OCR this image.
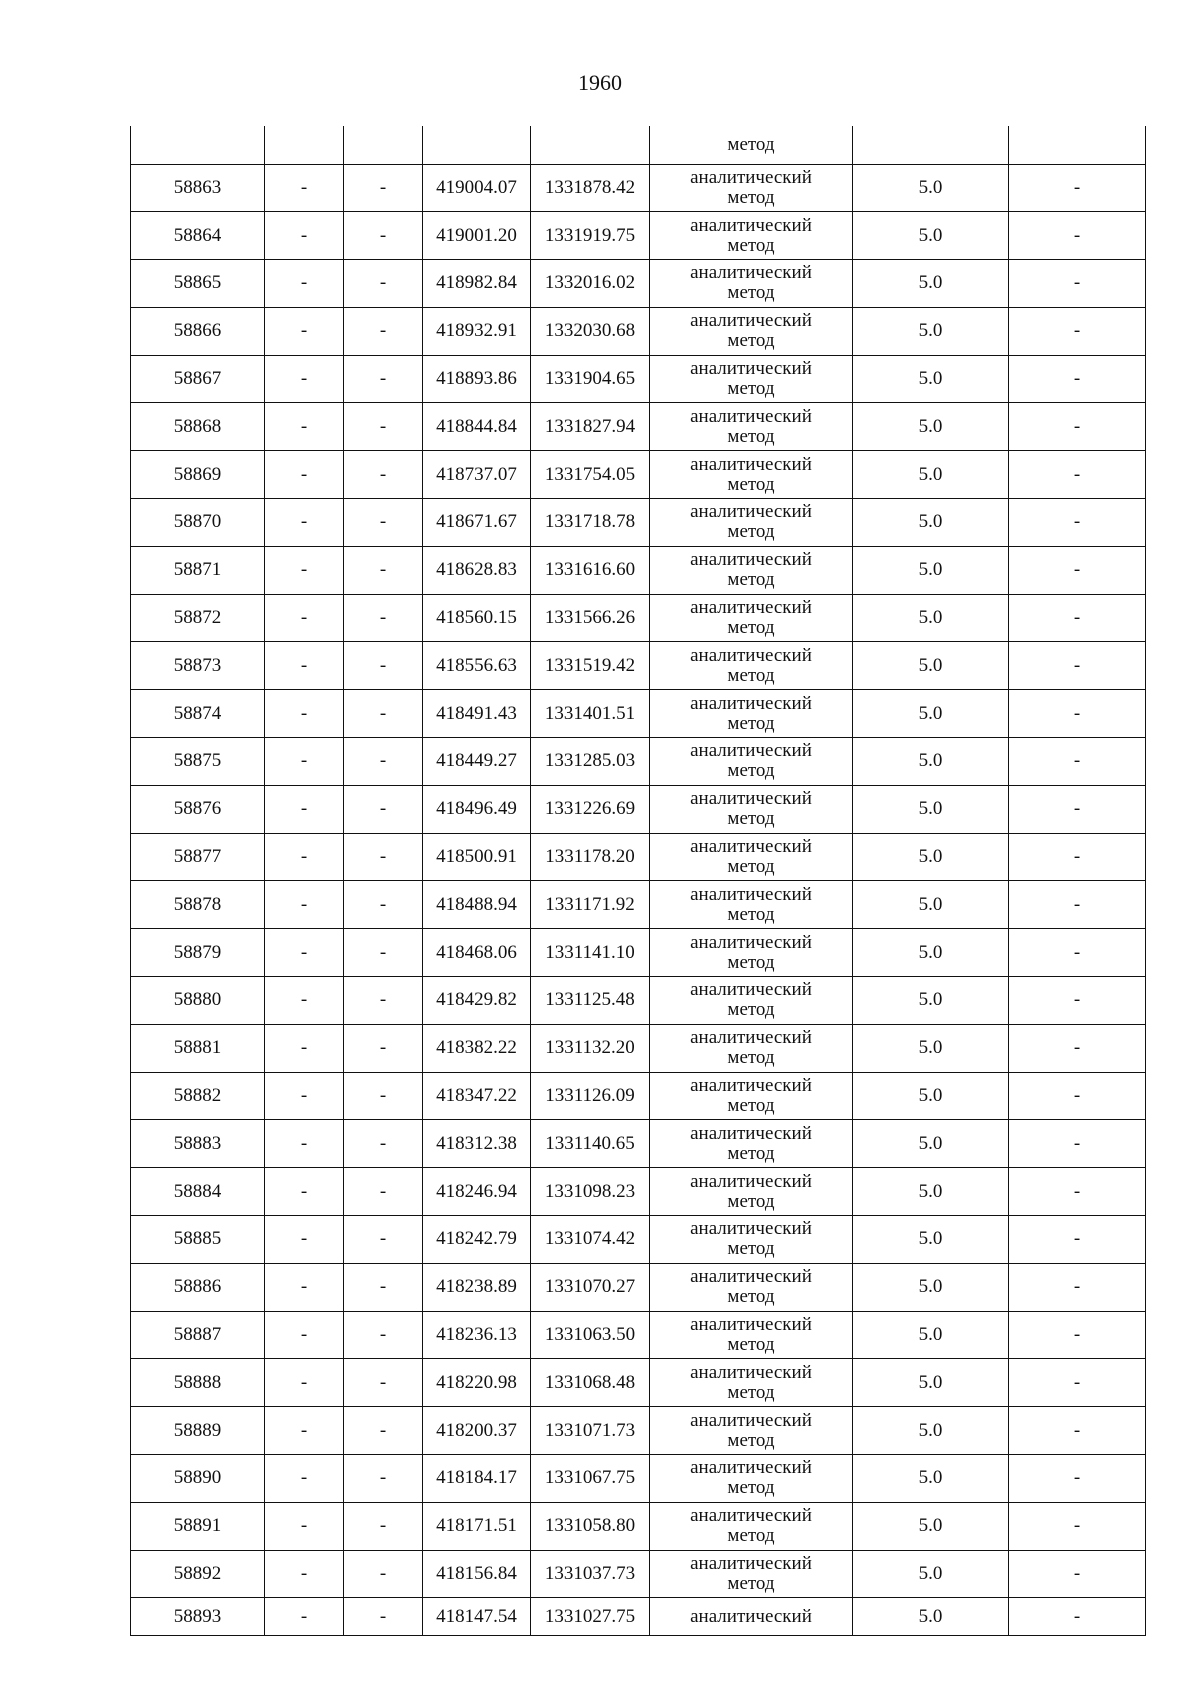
1960

					метод		

58863	-	-	419004.07	1331878.42	аналитический
метод	5.0	-
58864	-	-	419001.20	1331919.75	аналитический
метод	5.0	-
58865	-	-	418982.84	1332016.02	аналитический
метод	5.0	-
58866	-	-	418932.91	1332030.68	аналитический
метод	5.0	-
58867	-	-	418893.86	1331904.65	аналитический
метод	5.0	-
58868	-	-	418844.84	1331827.94	аналитический
метод	5.0	-
58869	-	-	418737.07	1331754.05	аналитический
метод	5.0	-
58870	-	-	418671.67	1331718.78	аналитический
метод	5.0	-
58871	-	-	418628.83	1331616.60	аналитический
метод	5.0	-
58872	-	-	418560.15	1331566.26	аналитический
метод	5.0	-
58873	-	-	418556.63	1331519.42	аналитический
метод	5.0	-
58874	-	-	418491.43	1331401.51	аналитический
метод	5.0	-
58875	-	-	418449.27	1331285.03	аналитический
метод	5.0	-
58876	-	-	418496.49	1331226.69	аналитический
метод	5.0	-
58877	-	-	418500.91	1331178.20	аналитический
метод	5.0	-
58878	-	-	418488.94	1331171.92	аналитический
метод	5.0	-
58879	-	-	418468.06	1331141.10	аналитический
метод	5.0	-
58880	-	-	418429.82	1331125.48	аналитический
метод	5.0	-
58881	-	-	418382.22	1331132.20	аналитический
метод	5.0	-
58882	-	-	418347.22	1331126.09	аналитический
метод	5.0	-
58883	-	-	418312.38	1331140.65	аналитический
метод	5.0	-
58884	-	-	418246.94	1331098.23	аналитический
метод	5.0	-
58885	-	-	418242.79	1331074.42	аналитический
метод	5.0	-
58886	-	-	418238.89	1331070.27	аналитический
метод	5.0	-
58887	-	-	418236.13	1331063.50	аналитический
метод	5.0	-
58888	-	-	418220.98	1331068.48	аналитический
метод	5.0	-
58889	-	-	418200.37	1331071.73	аналитический
метод	5.0	-
58890	-	-	418184.17	1331067.75	аналитический
метод	5.0	-
58891	-	-	418171.51	1331058.80	аналитический
метод	5.0	-
58892	-	-	418156.84	1331037.73	аналитический
метод	5.0	-
58893	-	-	418147.54	1331027.75	аналитический	5.0	-
